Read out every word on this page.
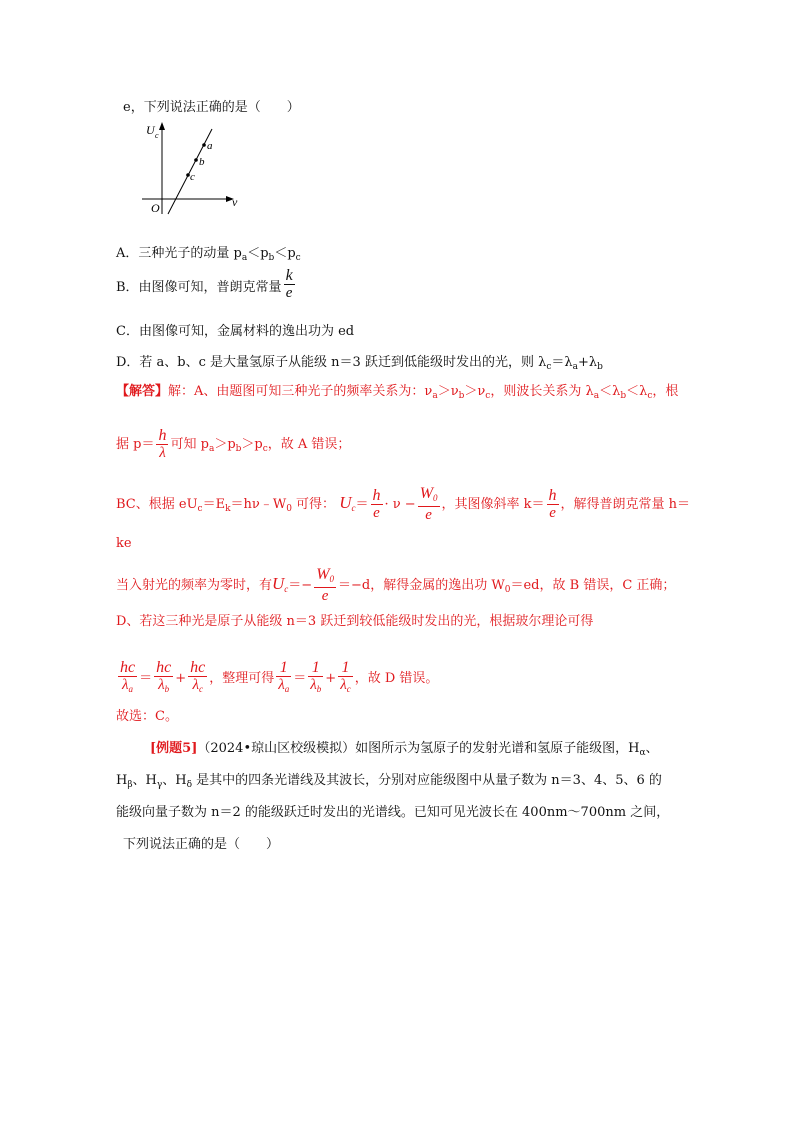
e，下列说法正确的是（　　）
U c
ν
O
a
b
c
A．三种光子的动量 $p_a<p_b<p_c$
B．由图像可知，普朗克常量 $\frac{k}{e}$
C．由图像可知，金属材料的逸出功为 ed
D．若 a、b、c 是大量氢原子从能级 n＝3 跃迁到低能级时发出的光，则 $\lambda_c=\lambda_a+\lambda_b$
【解答】解：A、由题图可知三种光子的频率关系为：$\nu_a>\nu_b>\nu_c$，则波长关系为 $\lambda_a<\lambda_b<\lambda_c$，根
据 $p= \frac{h}{\lambda}$ 可知 $p_a>p_b>p_c$，故 A 错误；
BC、根据 $eU_c=E_k=h\nu﹣W_0$ 可得： $U_c= \frac{h}{e} \cdot \nu - \frac{W_0}{e}$ ，其图像斜率 $k= \frac{h}{e}$ ，解得普朗克常量 h＝
ke
当入射光的频率为零时，有$U_c=- \frac{W_0}{e} =-d$，解得金属的逸出功 $W_0=ed$，故 B 错误，C 正确；
D、若这三种光是原子从能级 n＝3 跃迁到较低能级时发出的光，根据玻尔理论可得
$\frac{hc}{\lambda_a} = \frac{hc}{\lambda_b} + \frac{hc}{\lambda_c}$ ，整理可得 $\frac{1}{\lambda_a} = \frac{1}{\lambda_b} + \frac{1}{\lambda_c}$ ，故 D 错误。
故选：C。
[例题5]（2024•琼山区校级模拟）如图所示为氢原子的发射光谱和氢原子能级图，$H_\alpha$、
$H_\beta$、$H_\gamma$、$H_\delta$ 是其中的四条光谱线及其波长，分别对应能级图中从量子数为 n＝3、4、5、6 的
能级向量子数为 n＝2 的能级跃迁时发出的光谱线。已知可见光波长在 400nm～700nm 之间，
下列说法正确的是（　　）
